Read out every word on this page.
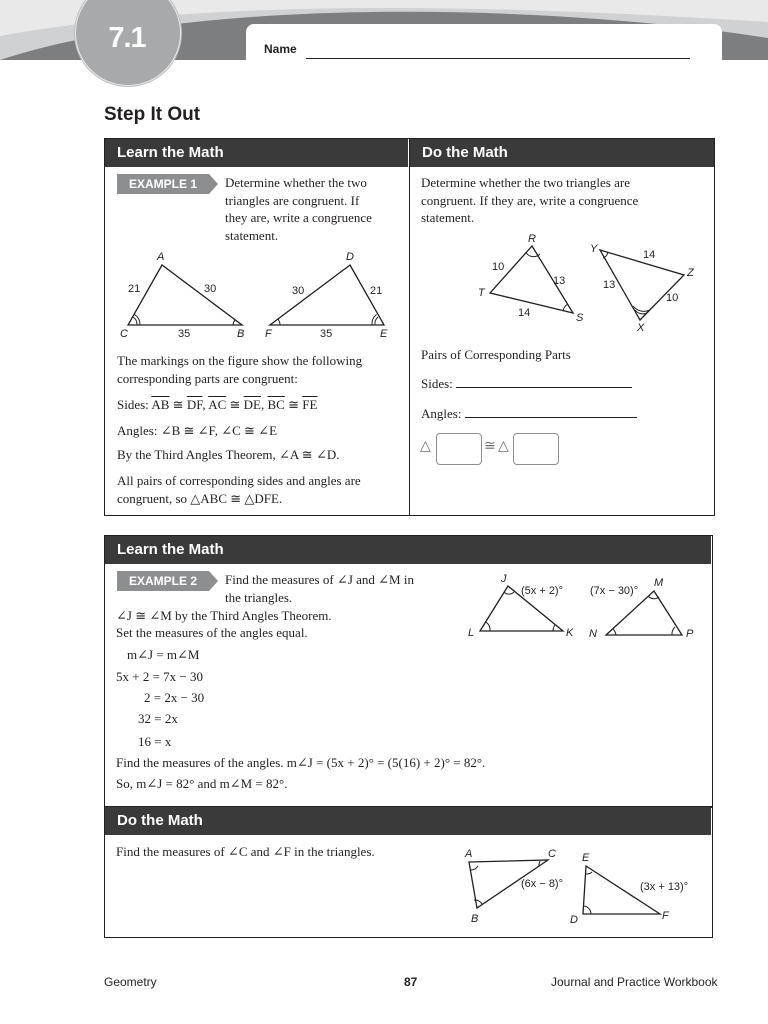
Name
7.1
Step It Out
Learn the Math	Do the Math
EXAMPLE 1	Determine whether the two
triangles are congruent. If
they are, write a congruence
statement.
A
C	B
21	30
35
D
F	E
30	21
35
The markings on the figure show the following
corresponding parts are congruent:
Sides: $\overline{AB}$ ≅ $\overline{DF}$, $\overline{AC}$ ≅ $\overline{DE}$, $\overline{BC}$ ≅ $\overline{FE}$
Angles: ∠B ≅ ∠F, ∠C ≅ ∠E
By the Third Angles Theorem, ∠A ≅ ∠D.
All pairs of corresponding sides and angles are
congruent, so △ABC ≅ △DFE.
Determine whether the two triangles are
congruent. If they are, write a congruence
statement.
R
T
S
10
13
14
Y
Z
X
14
13
10
Pairs of Corresponding Parts
Sides:
Angles:
△	≅ △
Learn the Math
EXAMPLE 2	Find the measures of ∠J and ∠M in
the triangles.
∠J ≅ ∠M by the Third Angles Theorem.
Set the measures of the angles equal.
m∠J = m∠M
5x + 2 = 7x − 30
2 = 2x − 30
32 = 2x
16 = x
Find the measures of the angles. m∠J = (5x + 2)° = (5(16) + 2)° = 82°.
So, m∠J = 82° and m∠M = 82°.
J
L	K
(5x + 2)°
M
N	P
(7x − 30)°
Do the Math
Find the measures of ∠C and ∠F in the triangles.	A	C
B
(6x − 8)°
E
D	F
(3x + 13)°
Geometry	87	Journal and Practice Workbook
